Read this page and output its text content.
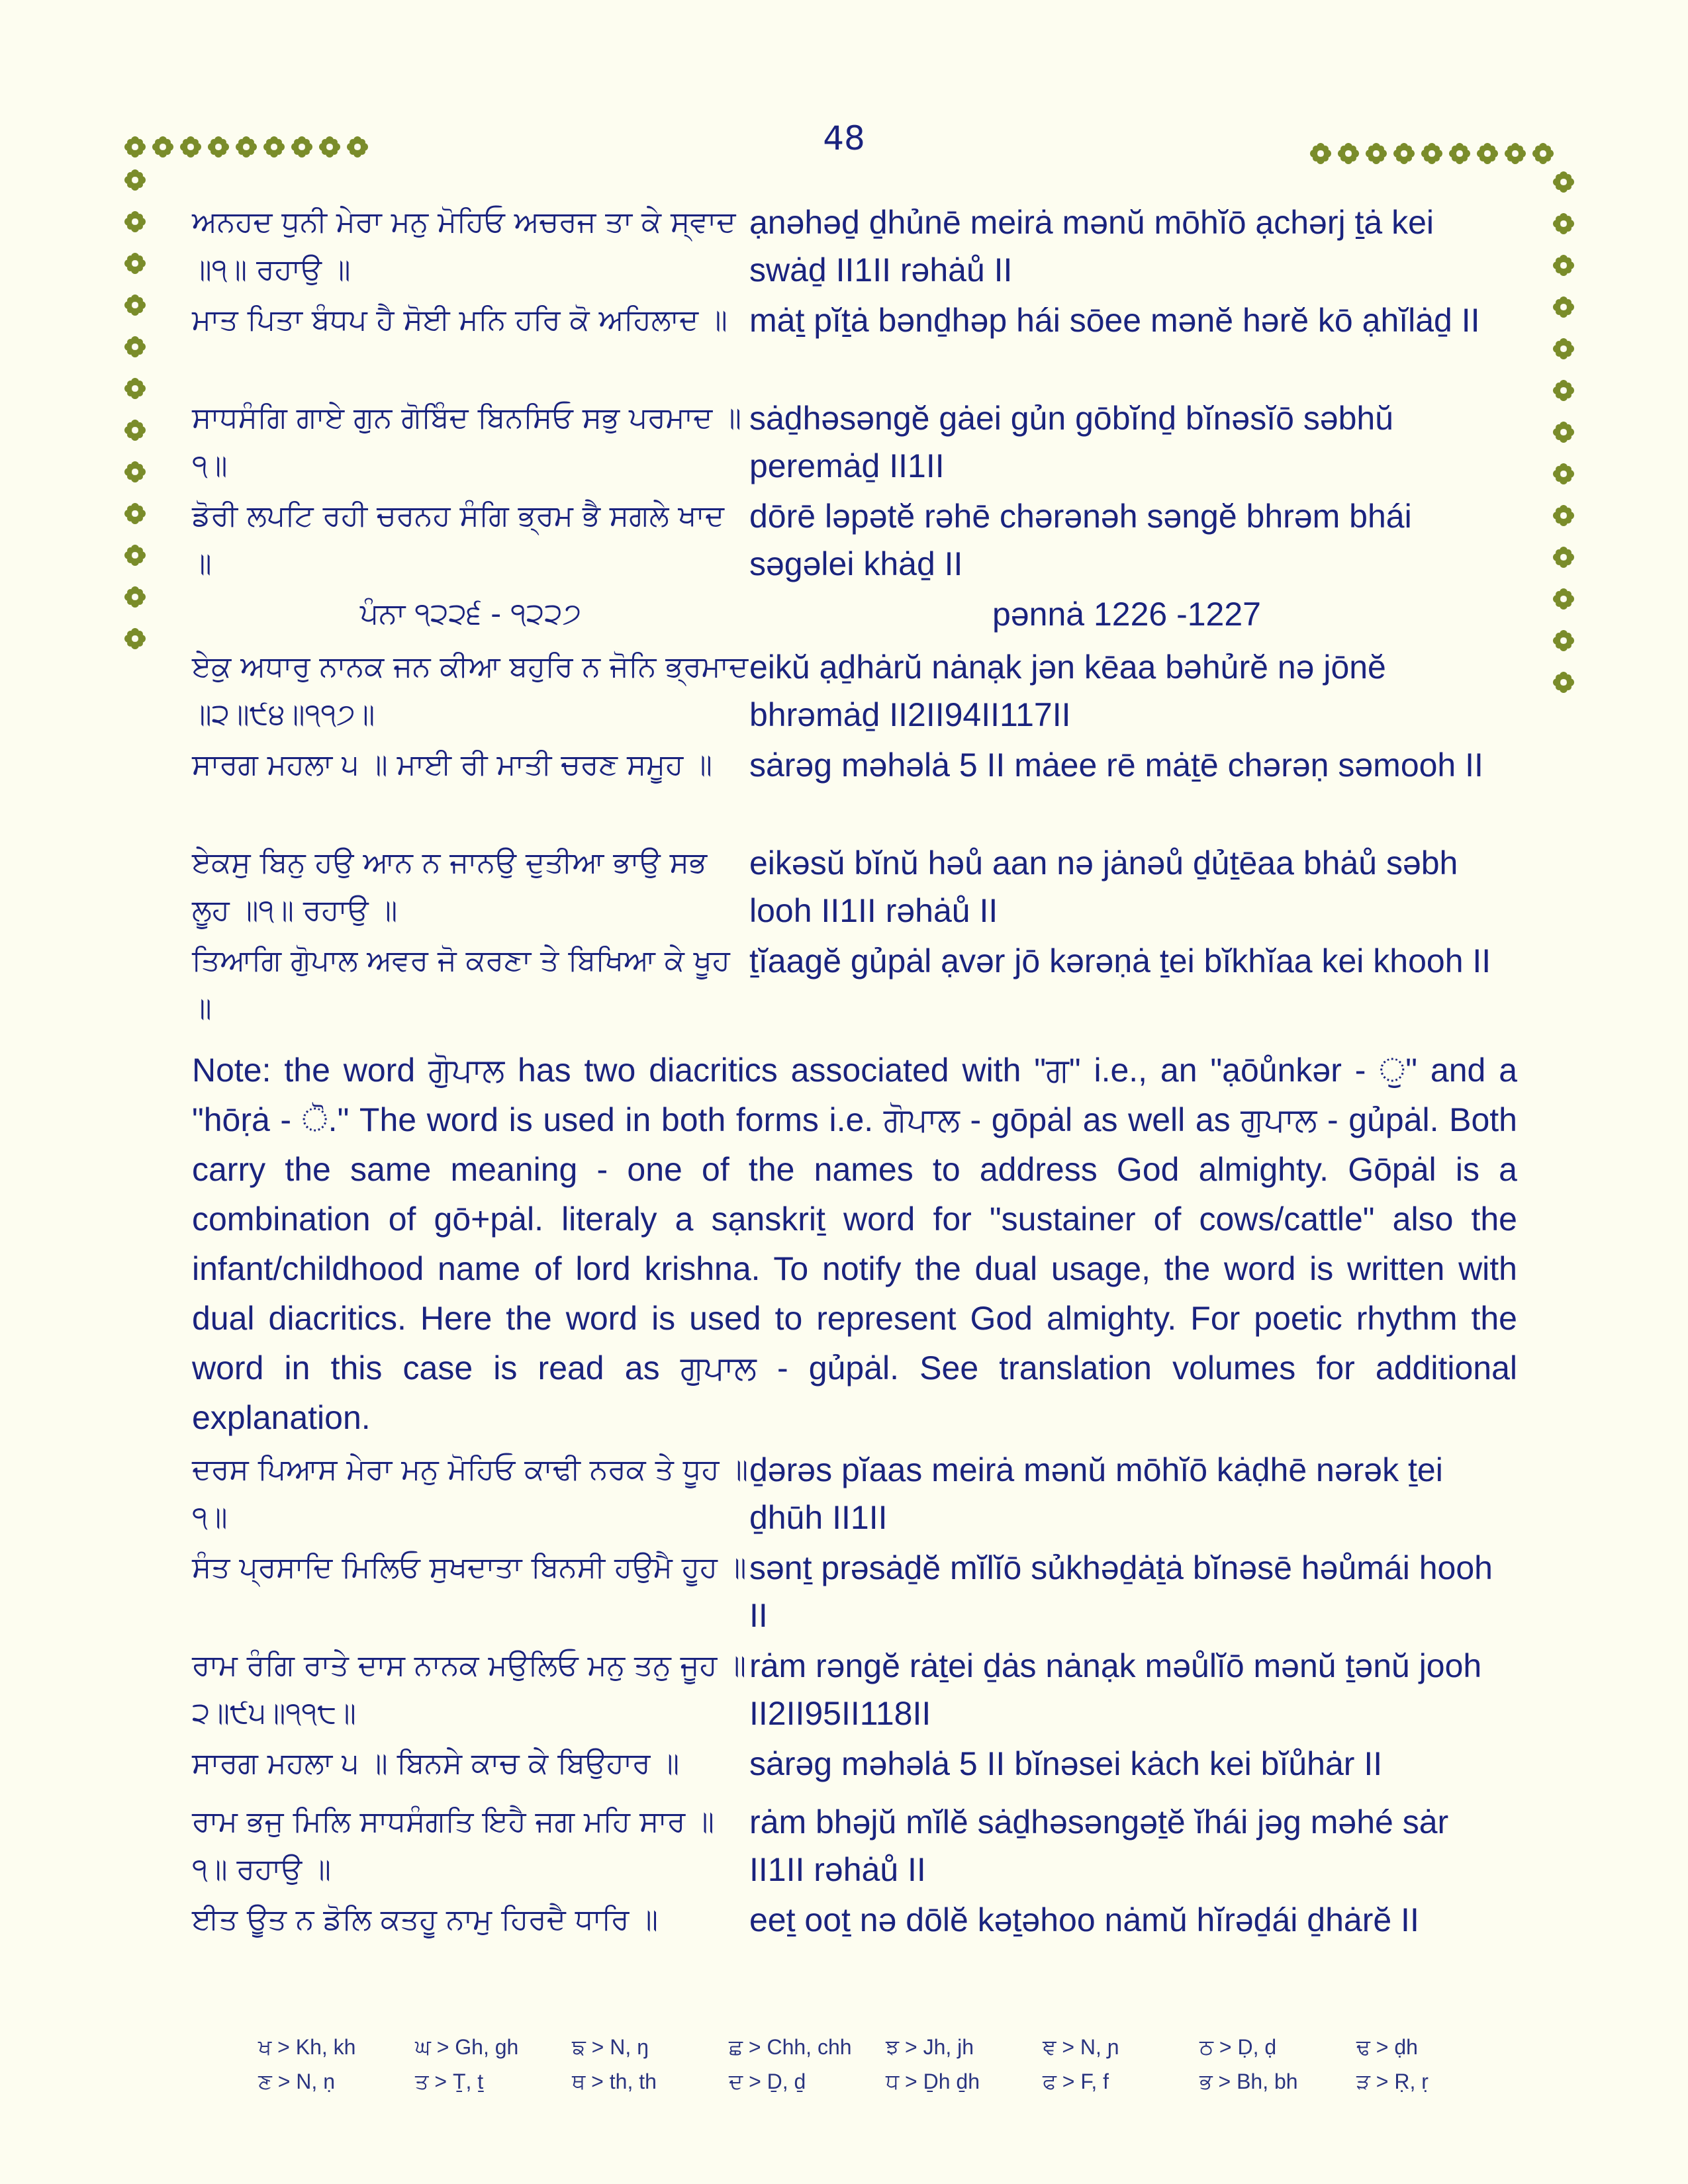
48
ਅਨਹਦ ਧੁਨੀ ਮੇਰਾ ਮਨੁ ਮੋਹਿਓ ਅਚਰਜ ਤਾ ਕੇ ਸ੍ਵਾਦ ॥੧॥ ਰਹਾਉ ॥
ạnəhəḏ ḏhủnē meirȧ mənŭ mōhĭō ạchərj ṯȧ kei swȧḏ II1II rəhȧů II
ਮਾਤ ਪਿਤਾ ਬੰਧਪ ਹੈ ਸੋਈ ਮਨਿ ਹਰਿ ਕੋ ਅਹਿਲਾਦ ॥ mȧṯ pĭṯȧ bənḏhəp hái sōee mənĕ hərĕ kō ạhĭlȧḏ II
ਸਾਧਸੰਗਿ ਗਾਏ ਗੁਨ ਗੋਬਿੰਦ ਬਿਨਸਿਓ ਸਭੁ ਪਰਮਾਦ ॥੧॥
sȧḏhəsəngĕ gȧei gủn gōbĭnḏ bĭnəsĭō səbhŭ peremȧḏ II1II
ਡੋਰੀ ਲਪਟਿ ਰਹੀ ਚਰਨਹ ਸੰਗਿ ਭ੍ਰਮ ਭੈ ਸਗਲੇ ਖਾਦ ॥
dōrē ləpətĕ rəhē chərənəh səngĕ bhrəm bhái səgəlei khȧḏ II
ਪੰਨਾ ੧੨੨੬ - ੧੨੨੭	pənnȧ 1226 -1227
ਏਕੁ ਅਧਾਰੁ ਨਾਨਕ ਜਨ ਕੀਆ ਬਹੁਰਿ ਨ ਜੋਨਿ ਭ੍ਰਮਾਦ ॥੨॥੯੪॥੧੧੭॥
eikŭ ạḏhȧrŭ nȧnạk jən kēaa bəhủrĕ nə jōnĕ bhrəmȧḏ II2II94II117II
ਸਾਰਗ ਮਹਲਾ ੫ ॥ ਮਾਈ ਰੀ ਮਾਤੀ ਚਰਣ ਸਮੂਹ ॥	sȧrəg məhəlȧ 5 II mȧee rē mȧṯē chərəṇ səmooh II
ਏਕਸੁ ਬਿਨੁ ਹਉ ਆਨ ਨ ਜਾਨਉ ਦੁਤੀਆ ਭਾਉ ਸਭ ਲੂਹ ॥੧॥ ਰਹਾਉ ॥
eikəsŭ bĭnŭ həů aan nə jȧnəů ḏủṯēaa bhȧů səbh looh II1II rəhȧů II
ਤਿਆਗਿ ਗੁੋਪਾਲ ਅਵਰ ਜੋ ਕਰਣਾ ਤੇ ਬਿਖਿਆ ਕੇ ਖੂਹ ॥
ṯĭaagĕ gủpȧl ạvər jō kərəṇȧ ṯei bĭkhĭaa kei khooh II
Note: the word ਗੁੋਪਾਲ has two diacritics associated with "ਗ" i.e., an "ạōůnkər - ੁ" and a "hōṛȧ - ੋ." The word is used in both forms i.e. ਗੋਪਾਲ - gōpȧl as well as ਗੁਪਾਲ - gủpȧl. Both carry the same meaning - one of the names to address God almighty. Gōpȧl is a combination of gō+pȧl. literaly a sạnskriṯ word for "sustainer of cows/cattle" also the infant/childhood name of lord krishna. To notify the dual usage, the word is written with dual diacritics. Here the word is used to represent God almighty. For poetic rhythm the word in this case is read as ਗੁਪਾਲ - gủpȧl. See translation volumes for additional explanation.
ਦਰਸ ਪਿਆਸ ਮੇਰਾ ਮਨੁ ਮੋਹਿਓ ਕਾਢੀ ਨਰਕ ਤੇ ਧੂਹ ॥੧॥
ḏərəs pĭaas meirȧ mənŭ mōhĭō kȧḍhē nərək ṯei ḏhūh II1II
ਸੰਤ ਪ੍ਰਸਾਦਿ ਮਿਲਿਓ ਸੁਖਦਾਤਾ ਬਿਨਸੀ ਹਉਮੈ ਹੂਹ ॥ sənṯ prəsȧḏĕ mĭlĭō sủkhəḏȧṯȧ bĭnəsē həůmái hooh II
ਰਾਮ ਰੰਗਿ ਰਾਤੇ ਦਾਸ ਨਾਨਕ ਮਉਲਿਓ ਮਨੁ ਤਨੁ ਜੂਹ ॥੨॥੯੫॥੧੧੮॥
rȧm rəngĕ rȧṯei ḏȧs nȧnạk məůlĭō mənŭ ṯənŭ jooh II2II95II118II
ਸਾਰਗ ਮਹਲਾ ੫ ॥ ਬਿਨਸੇ ਕਾਚ ਕੇ ਬਿਉਹਾਰ ॥	sȧrəg məhəlȧ 5 II bĭnəsei kȧch kei bĭůhȧr II
ਰਾਮ ਭਜੁ ਮਿਲਿ ਸਾਧਸੰਗਤਿ ਇਹੈ ਜਗ ਮਹਿ ਸਾਰ ॥੧॥ ਰਹਾਉ ॥
rȧm bhəjŭ mĭlĕ sȧḏhəsəngəṯĕ ĭhái jəg məhé sȧr II1II rəhȧů II
ਈਤ ਊਤ ਨ ਡੋਲਿ ਕਤਹੂ ਨਾਮੁ ਹਿਰਦੈ ਧਾਰਿ ॥	eeṯ ooṯ nə dōlĕ kəṯəhoo nȧmŭ hĭrəḏái ḏhȧrĕ II
ਖ > Kh, kh	ਘ > Gh, gh	ਙ > N, ŋ	ਛ > Chh, chh	ਝ > Jh, jh	ਞ > N, ɲ	ਠ > Ḍ, ḍ	ਢ > ḍh
ਣ > N, ṇ	ਤ > Ṯ, ṯ	ਥ > th, th	ਦ > Ḏ, ḏ	ਧ > Ḏh ḏh	ਫ > F, f	ਭ > Bh, bh	ੜ > Ṛ, ṛ
